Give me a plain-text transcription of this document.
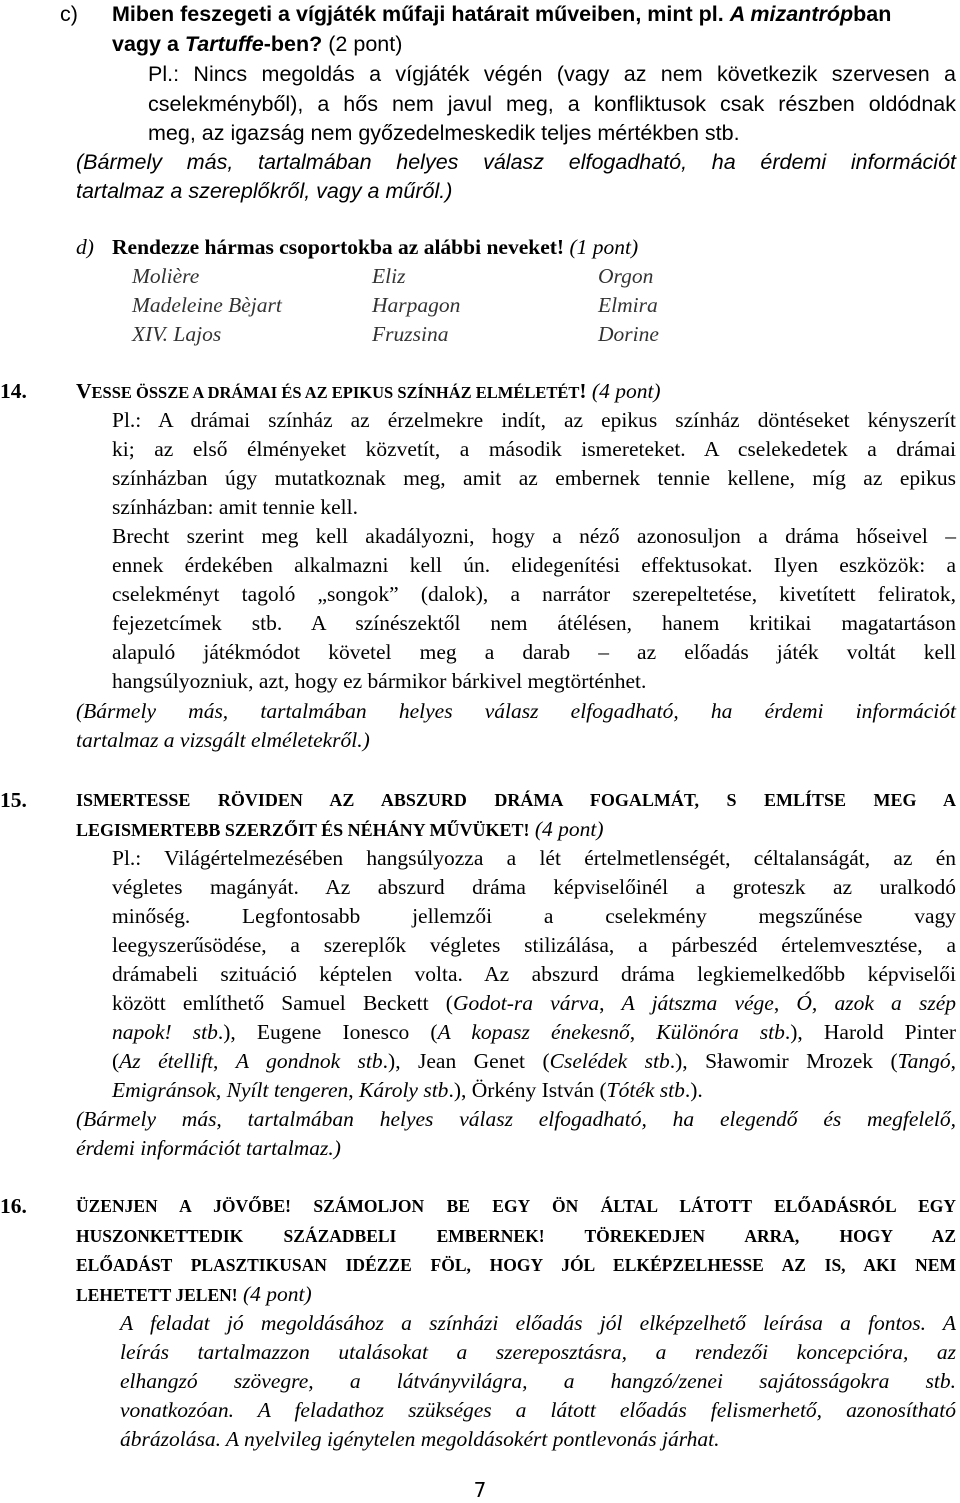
c) Miben feszegeti a vígjáték műfaji határait műveiben, mint pl. A mizantrópban
vagy a Tartuffe-ben? (2 pont)
Pl.: Nincs megoldás a vígjáték végén (vagy az nem következik szervesen a
cselekményből), a hős nem javul meg, a konfliktusok csak részben oldódnak
meg, az igazság nem győzedelmeskedik teljes mértékben stb.
(Bármely más, tartalmában helyes válasz elfogadható, ha érdemi információt
tartalmaz a szereplőkről, vagy a műről.)
d) Rendezze hármas csoportokba az alábbi neveket! (1 pont)
Molière	Eliz	Orgon
Madeleine Bèjart	Harpagon	Elmira
XIV. Lajos	Fruzsina	Dorine
14. VESSE ÖSSZE A DRÁMAI ÉS AZ EPIKUS SZÍNHÁZ ELMÉLETÉT! (4 pont)
Pl.: A drámai színház az érzelmekre indít, az epikus színház döntéseket kényszerít
ki; az első élményeket közvetít, a második ismereteket. A cselekedetek a drámai
színházban úgy mutatkoznak meg, amit az embernek tennie kellene, míg az epikus
színházban: amit tennie kell.
Brecht szerint meg kell akadályozni, hogy a néző azonosuljon a dráma hőseivel –
ennek érdekében alkalmazni kell ún. elidegenítési effektusokat. Ilyen eszközök: a
cselekményt tagoló „songok” (dalok), a narrátor szerepeltetése, kivetített feliratok,
fejezetcímek stb. A színészektől nem átélésen, hanem kritikai magatartáson
alapuló játékmódot követel meg a darab – az előadás játék voltát kell
hangsúlyozniuk, azt, hogy ez bármikor bárkivel megtörténhet.
(Bármely más, tartalmában helyes válasz elfogadható, ha érdemi információt
tartalmaz a vizsgált elméletekről.)
15.	ISMERTESSE RÖVIDEN AZ ABSZURD DRÁMA FOGALMÁT, S EMLÍTSE MEG A
LEGISMERTEBB SZERZŐIT ÉS NÉHÁNY MŰVÜKET! (4 pont)
Pl.: Világértelmezésében hangsúlyozza a lét értelmetlenségét, céltalanságát, az én
végletes magányát. Az abszurd dráma képviselőinél a groteszk az uralkodó
minőség. Legfontosabb jellemzői a cselekmény megszűnése vagy
leegyszerűsödése, a szereplők végletes stilizálása, a párbeszéd értelemvesztése, a
drámabeli szituáció képtelen volta. Az abszurd dráma legkiemelkedőbb képviselői
között említhető Samuel Beckett (Godot-ra várva, A játszma vége, Ó, azok a szép
napok! stb.), Eugene Ionesco (A kopasz énekesnő, Különóra stb.), Harold Pinter
(Az étellift, A gondnok stb.), Jean Genet (Cselédek stb.), Sławomir Mrozek (Tangó,
Emigránsok, Nyílt tengeren, Károly stb.), Örkény István (Tóték stb.).
(Bármely más, tartalmában helyes válasz elfogadható, ha elegendő és megfelelő,
érdemi információt tartalmaz.)
16.	ÜZENJEN A JÖVŐBE! SZÁMOLJON BE EGY ÖN ÁLTAL LÁTOTT ELŐADÁSRÓL EGY
HUSZONKETTEDIK SZÁZADBELI EMBERNEK! TÖREKEDJEN ARRA, HOGY AZ
ELŐADÁST PLASZTIKUSAN IDÉZZE FÖL, HOGY JÓL ELKÉPZELHESSE AZ IS, AKI NEM
LEHETETT JELEN! (4 pont)
A feladat jó megoldásához a színházi előadás jól elképzelhető leírása a fontos. A
leírás tartalmazzon utalásokat a szereposztásra, a rendezői koncepcióra, az
elhangzó szövegre, a látványvilágra, a hangzó/zenei sajátosságokra stb.
vonatkozóan. A feladathoz szükséges a látott előadás felismerhető, azonosítható
ábrázolása. A nyelvileg igénytelen megoldásokért pontlevonás járhat.
7
